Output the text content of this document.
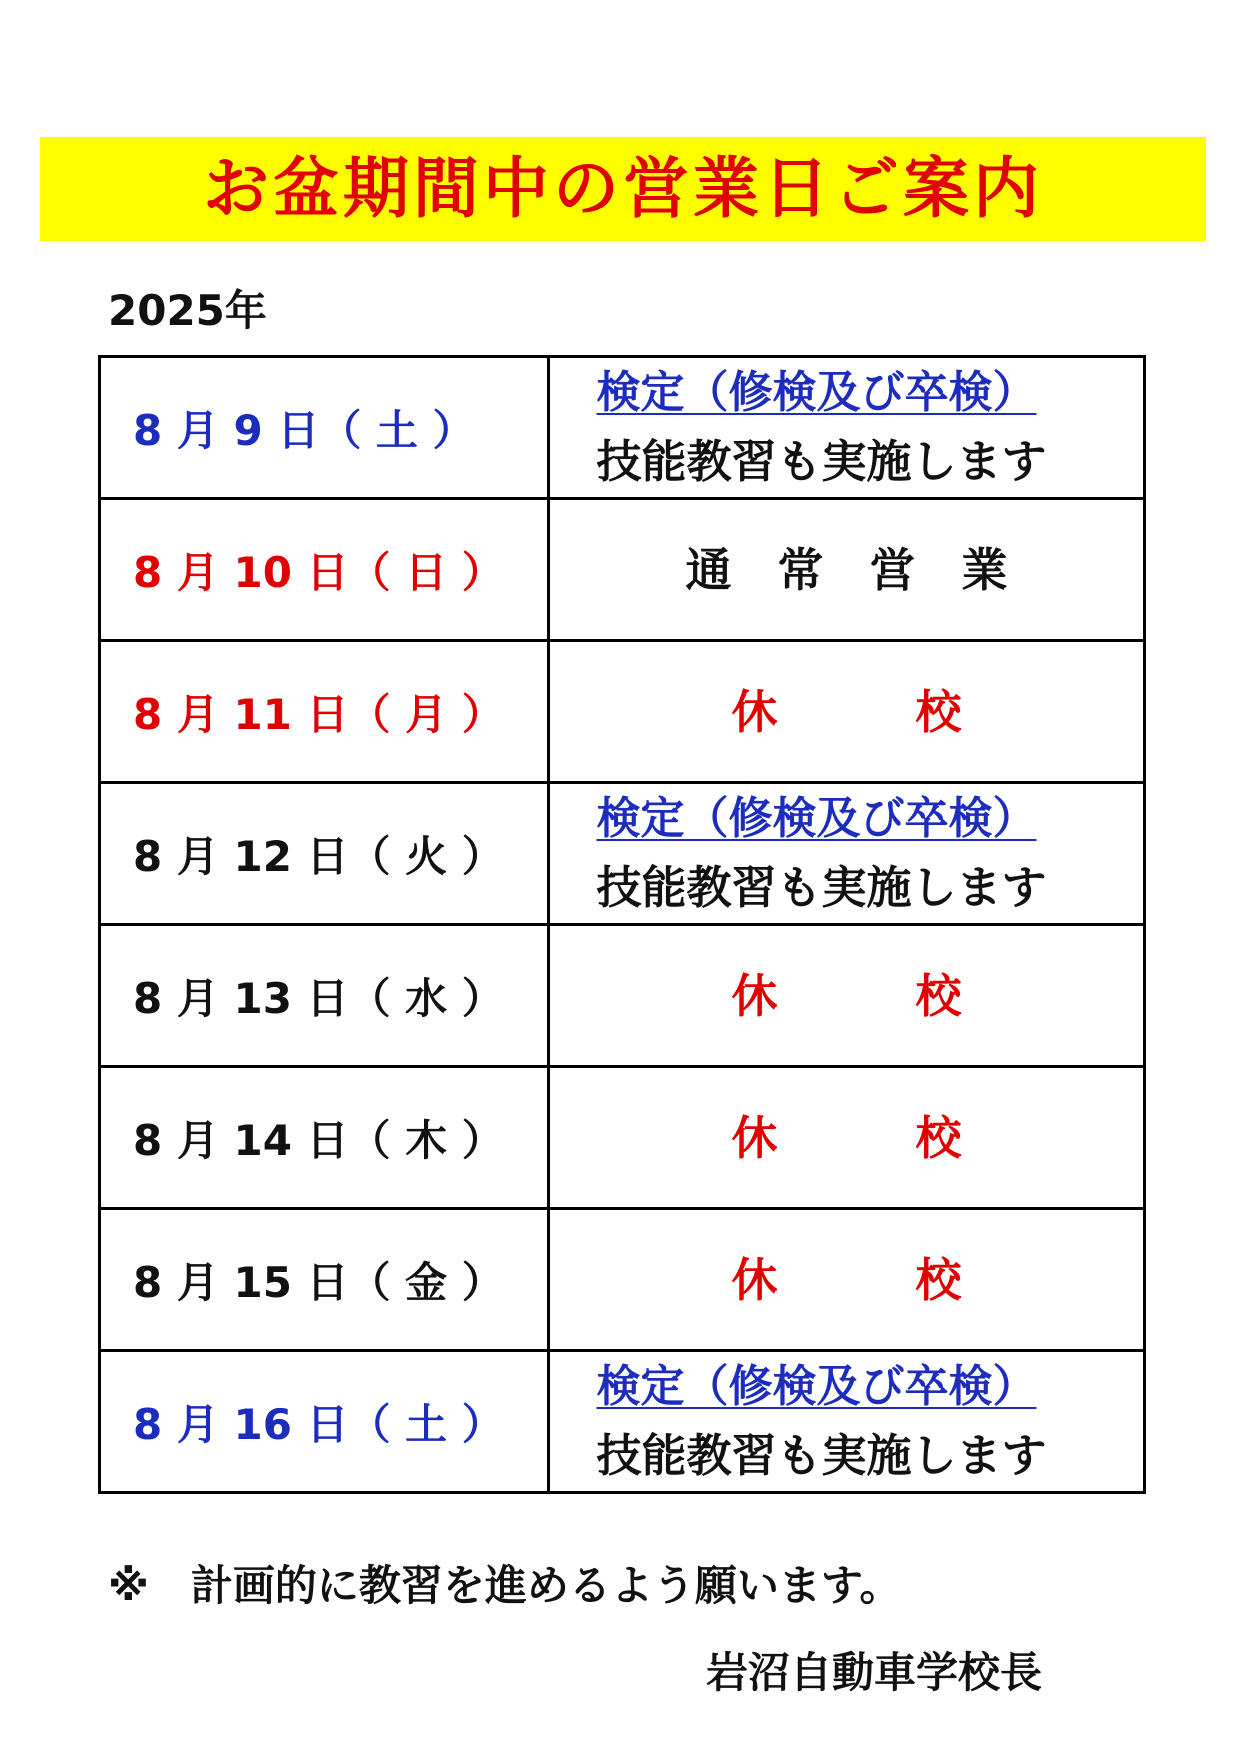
お盆期間中の営業日ご案内
2025年
8 月 9 日（ 土 ）	検定（修検及び卒検）
技能教習も実施します

8 月 10 日（ 日 ）	通　常　営　業
8 月 11 日（ 月 ）	休　　　校
8 月 12 日（ 火 ）	検定（修検及び卒検）
技能教習も実施します

8 月 13 日（ 水 ）	休　　　校
8 月 14 日（ 木 ）	休　　　校
8 月 15 日（ 金 ）	休　　　校
8 月 16 日（ 土 ）	検定（修検及び卒検）
技能教習も実施します
※　計画的に教習を進めるよう願います。
岩沼自動車学校長
